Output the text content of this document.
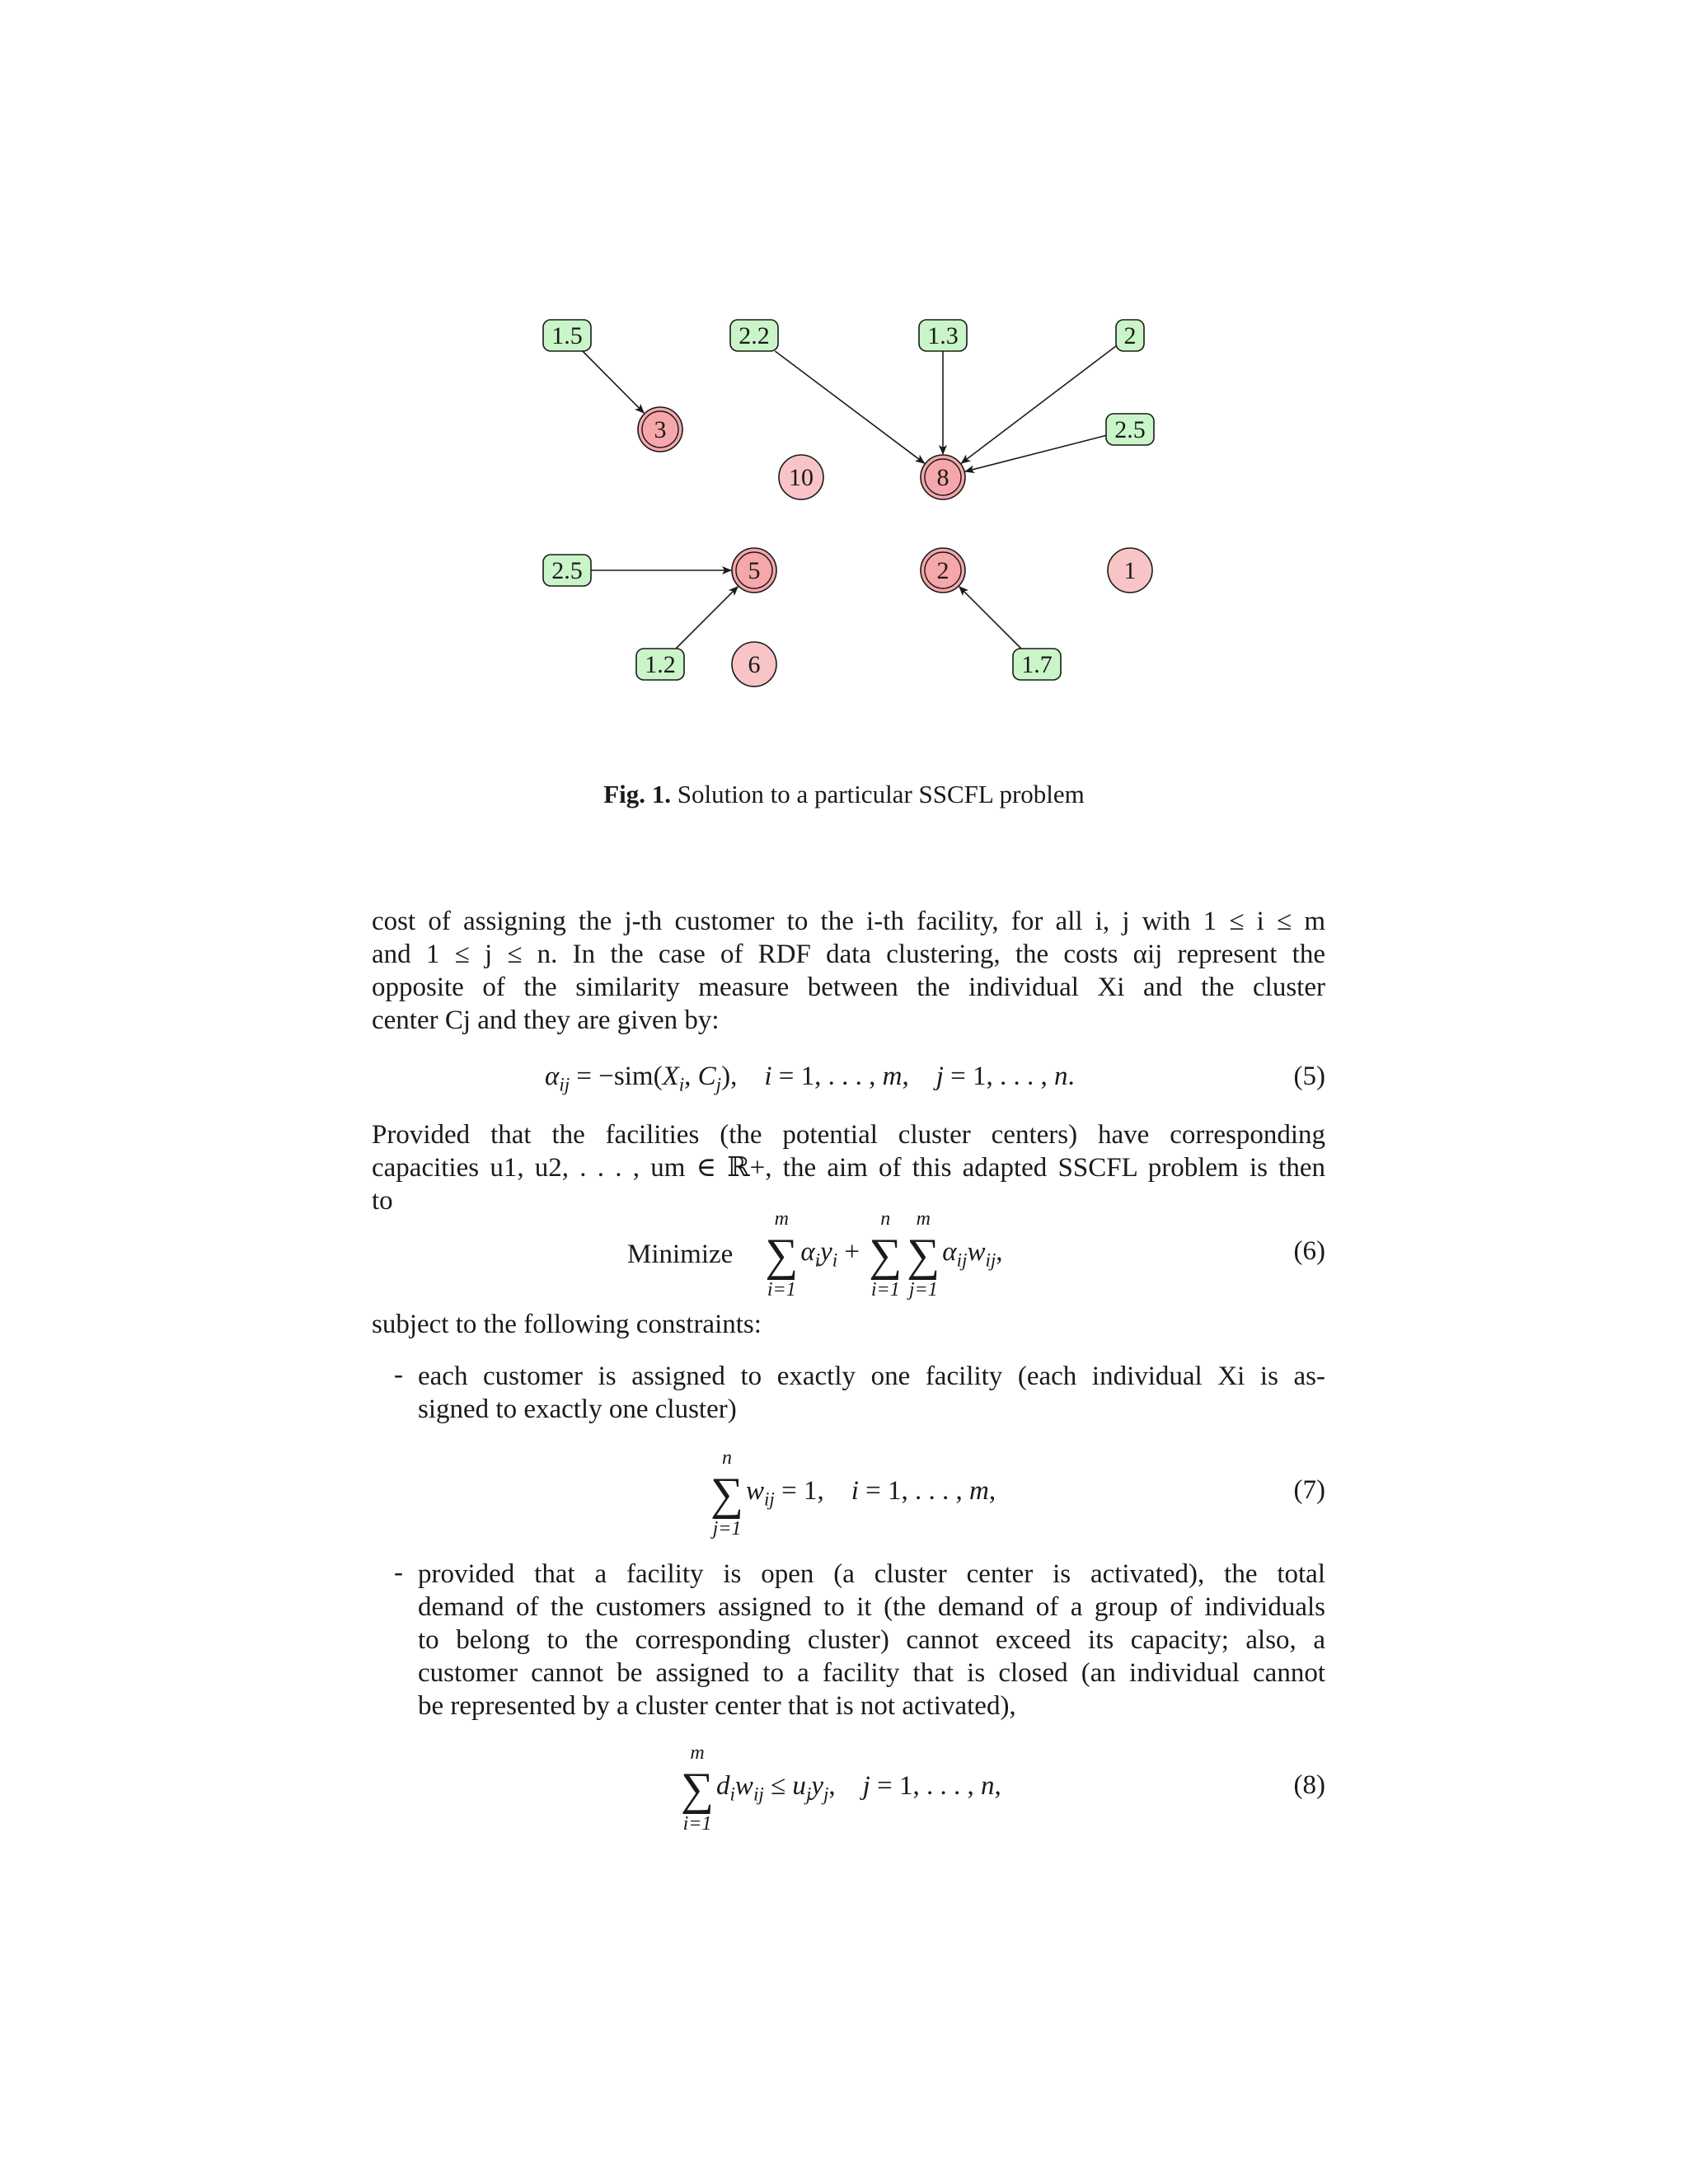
1.5	2.2	1.3	2
2.5
2.5
1.2	1.7
3
10	8
5	2	1
6
Fig. 1. Solution to a particular SSCFL problem
cost of assigning the j-th customer to the i-th facility, for all i, j with 1 ≤ i ≤ m
and 1 ≤ j ≤ n. In the case of RDF data clustering, the costs αij represent the
opposite of the similarity measure between the individual Xi and the cluster
center Cj and they are given by:
$\alpha_{ij} = -sim(X_i$, $C_j$),    i = 1, . . . , m,    j = 1, . . . , n.	(5)
Provided that the facilities (the potential cluster centers) have corresponding
capacities u1, u2, . . . , um ∈ ℝ+, the aim of this adapted SSCFL problem is then
to
Minimize
m
∑
i=1
$\alpha_iy_i$ +
n
∑
i=1
m
∑
j=1
$\alpha_{ij}w_{ij}$,	(6)
subject to the following constraints:
- each customer is assigned to exactly one facility (each individual Xi is as-
signed to exactly one cluster)
n
∑
j=1
$w_{ij} = 1$,    i = 1, . . . , m,	(7)
- provided that a facility is open (a cluster center is activated), the total
demand of the customers assigned to it (the demand of a group of individuals
to belong to the corresponding cluster) cannot exceed its capacity; also, a
customer cannot be assigned to a facility that is closed (an individual cannot
be represented by a cluster center that is not activated),
m
∑
i=1
$d_iw_{ij} \le u_jy_j$,    j = 1, . . . , n,	(8)
